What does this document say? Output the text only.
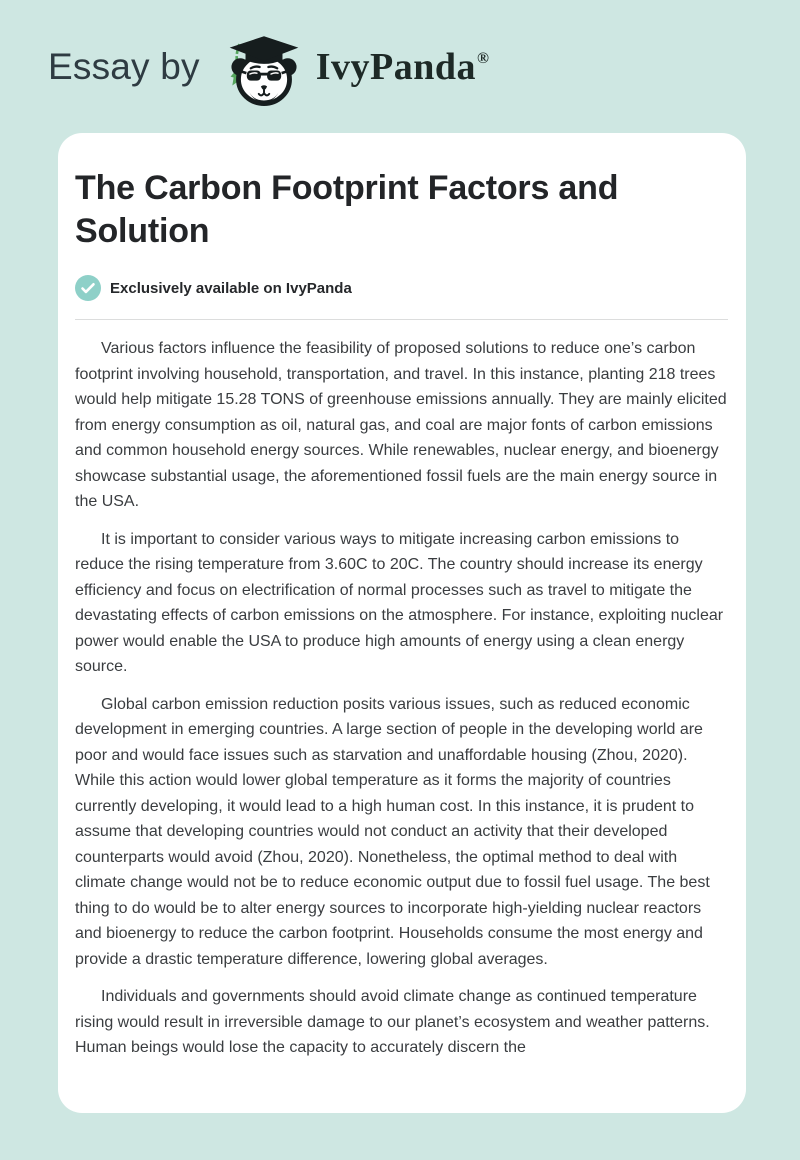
Essay by	IvyPanda®
The Carbon Footprint Factors and Solution
Exclusively available on IvyPanda

Various factors influence the feasibility of proposed solutions to reduce one’s carbon footprint involving household, transportation, and travel. In this instance, planting 218 trees would help mitigate 15.28 TONS of greenhouse emissions annually. They are mainly elicited from energy consumption as oil, natural gas, and coal are major fonts of carbon emissions and common household energy sources. While renewables, nuclear energy, and bioenergy showcase substantial usage, the aforementioned fossil fuels are the main energy source in the USA.

It is important to consider various ways to mitigate increasing carbon emissions to reduce the rising temperature from 3.60C to 20C. The country should increase its energy efficiency and focus on electrification of normal processes such as travel to mitigate the devastating effects of carbon emissions on the atmosphere. For instance, exploiting nuclear power would enable the USA to produce high amounts of energy using a clean energy source.

Global carbon emission reduction posits various issues, such as reduced economic development in emerging countries. A large section of people in the developing world are poor and would face issues such as starvation and unaffordable housing (Zhou, 2020). While this action would lower global temperature as it forms the majority of countries currently developing, it would lead to a high human cost. In this instance, it is prudent to assume that developing countries would not conduct an activity that their developed counterparts would avoid (Zhou, 2020). Nonetheless, the optimal method to deal with climate change would not be to reduce economic output due to fossil fuel usage. The best thing to do would be to alter energy sources to incorporate high-yielding nuclear reactors and bioenergy to reduce the carbon footprint. Households consume the most energy and provide a drastic temperature difference, lowering global averages.

Individuals and governments should avoid climate change as continued temperature rising would result in irreversible damage to our planet’s ecosystem and weather patterns. Human beings would lose the capacity to accurately discern the
